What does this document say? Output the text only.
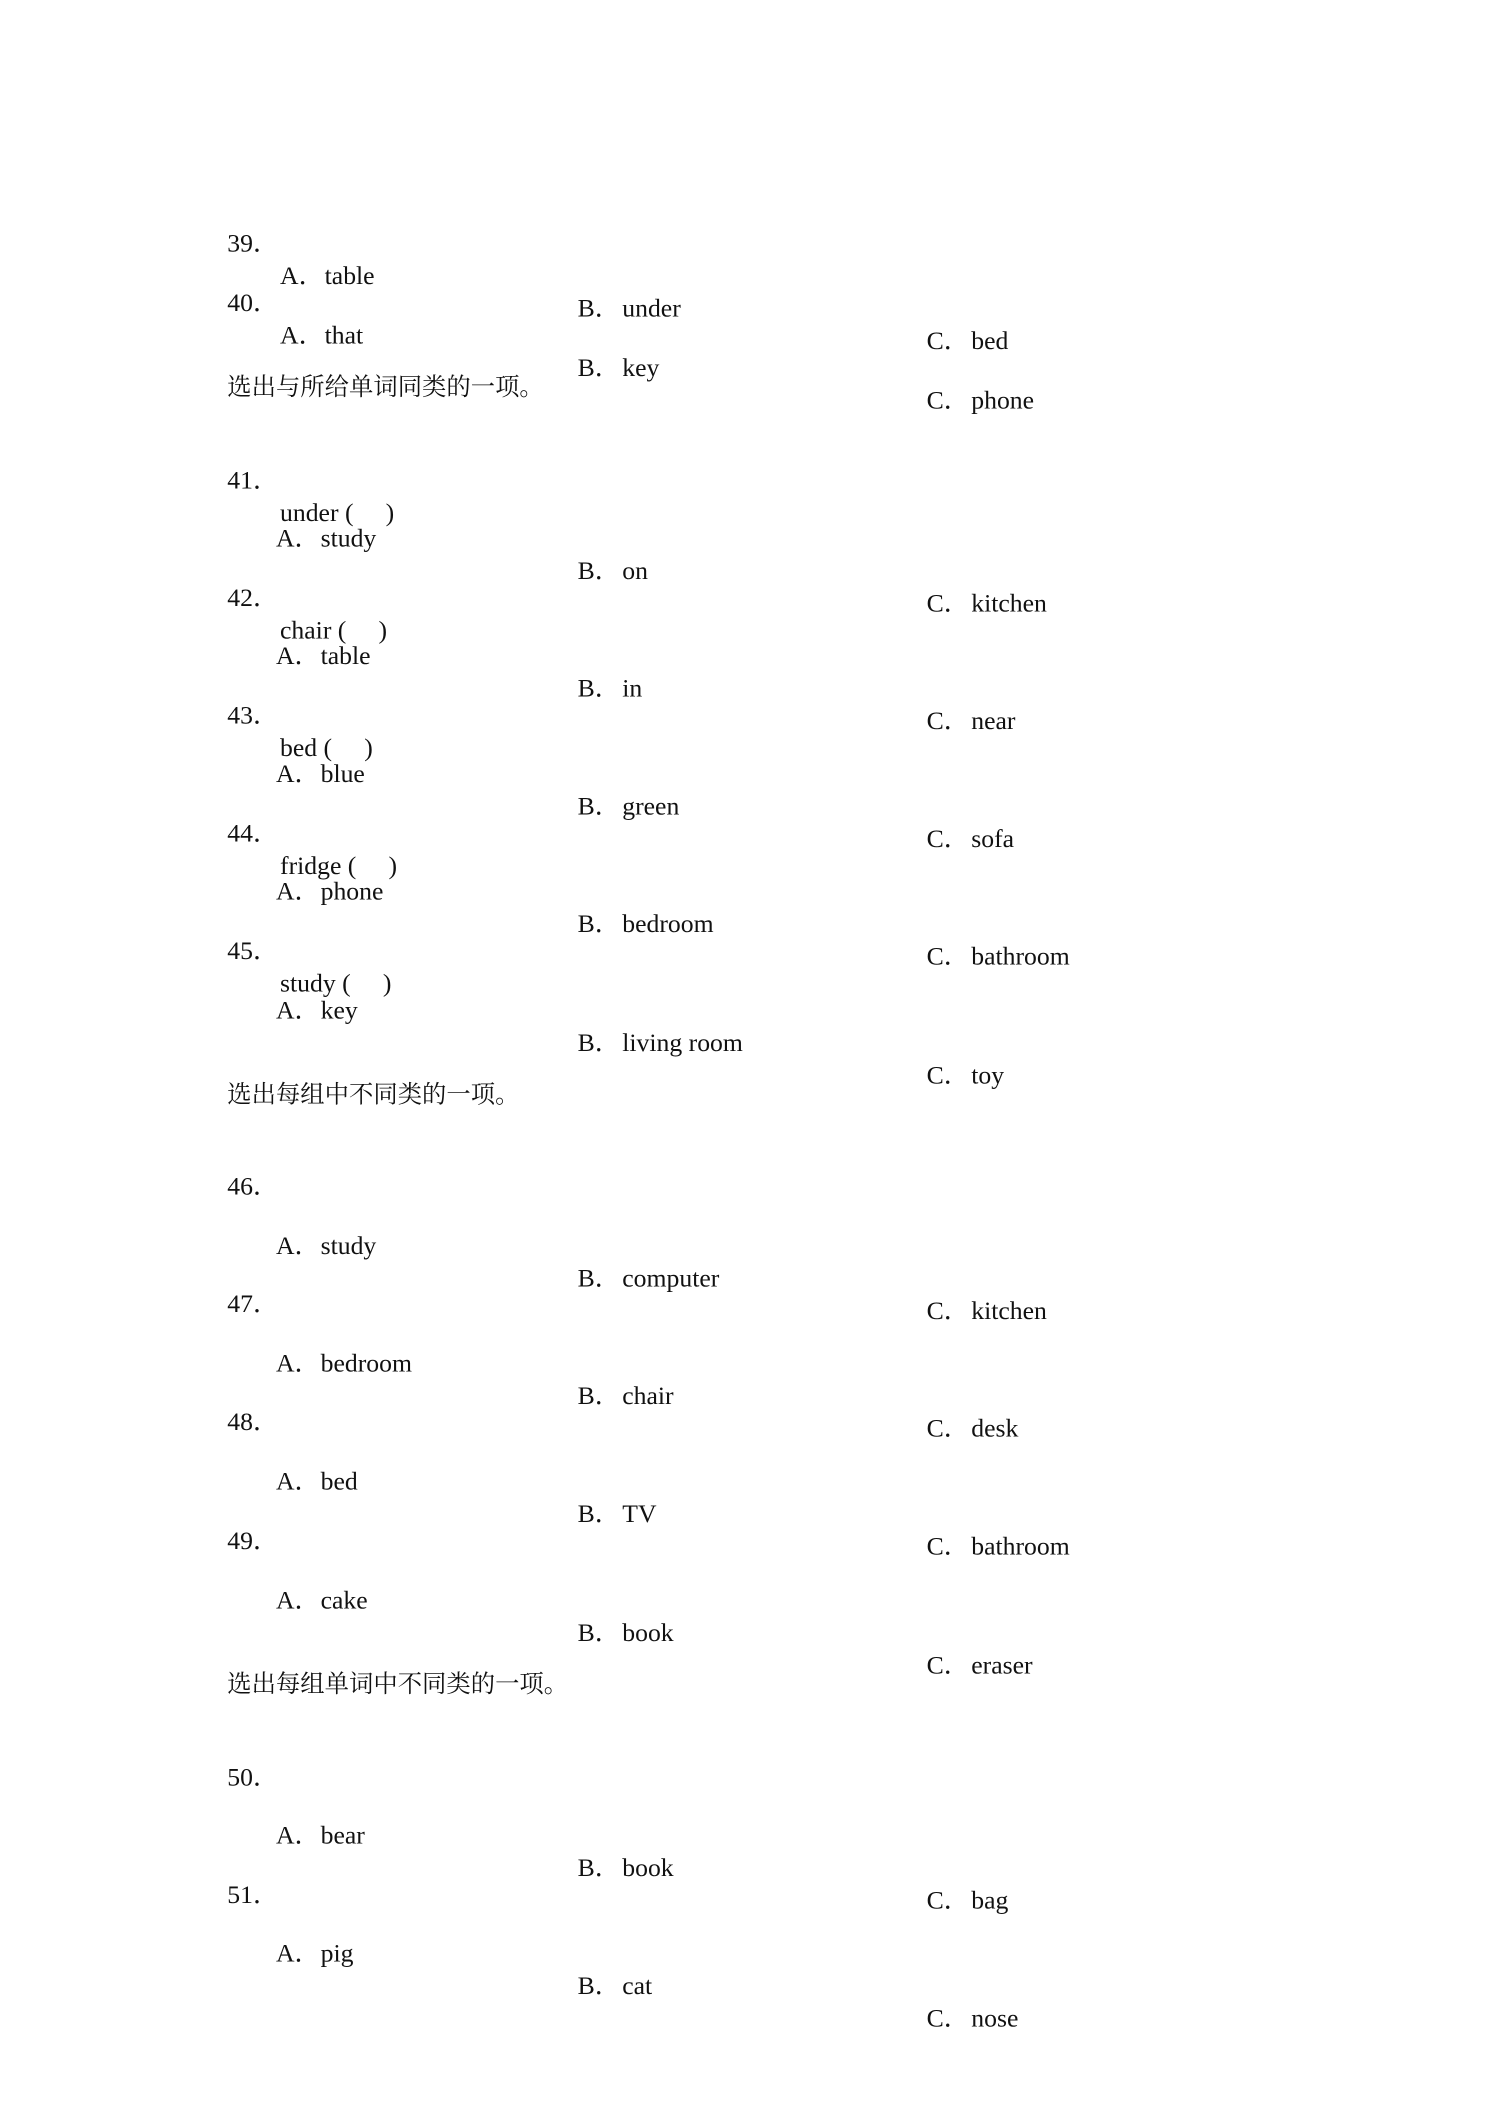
39．

A．table

B．under

C．bed

40．

A．that

B．key

C．phone

选出与所给单词同类的一项。

41．

under (     )

A．study

B．on

C．kitchen

42．

chair (     )

A．table

B．in

C．near

43．

bed (     )

A．blue

B．green

C．sofa

44．

fridge (     )

A．phone

B．bedroom

C．bathroom

45．

study (     )

A．key

B．living room

C．toy

选出每组中不同类的一项。

46．

A．study

B．computer

C．kitchen

47．

A．bedroom

B．chair

C．desk

48．

A．bed

B．TV

C．bathroom

49．

A．cake

B．book

C．eraser

选出每组单词中不同类的一项。

50．

A．bear

B．book

C．bag

51．

A．pig

B．cat

C．nose
